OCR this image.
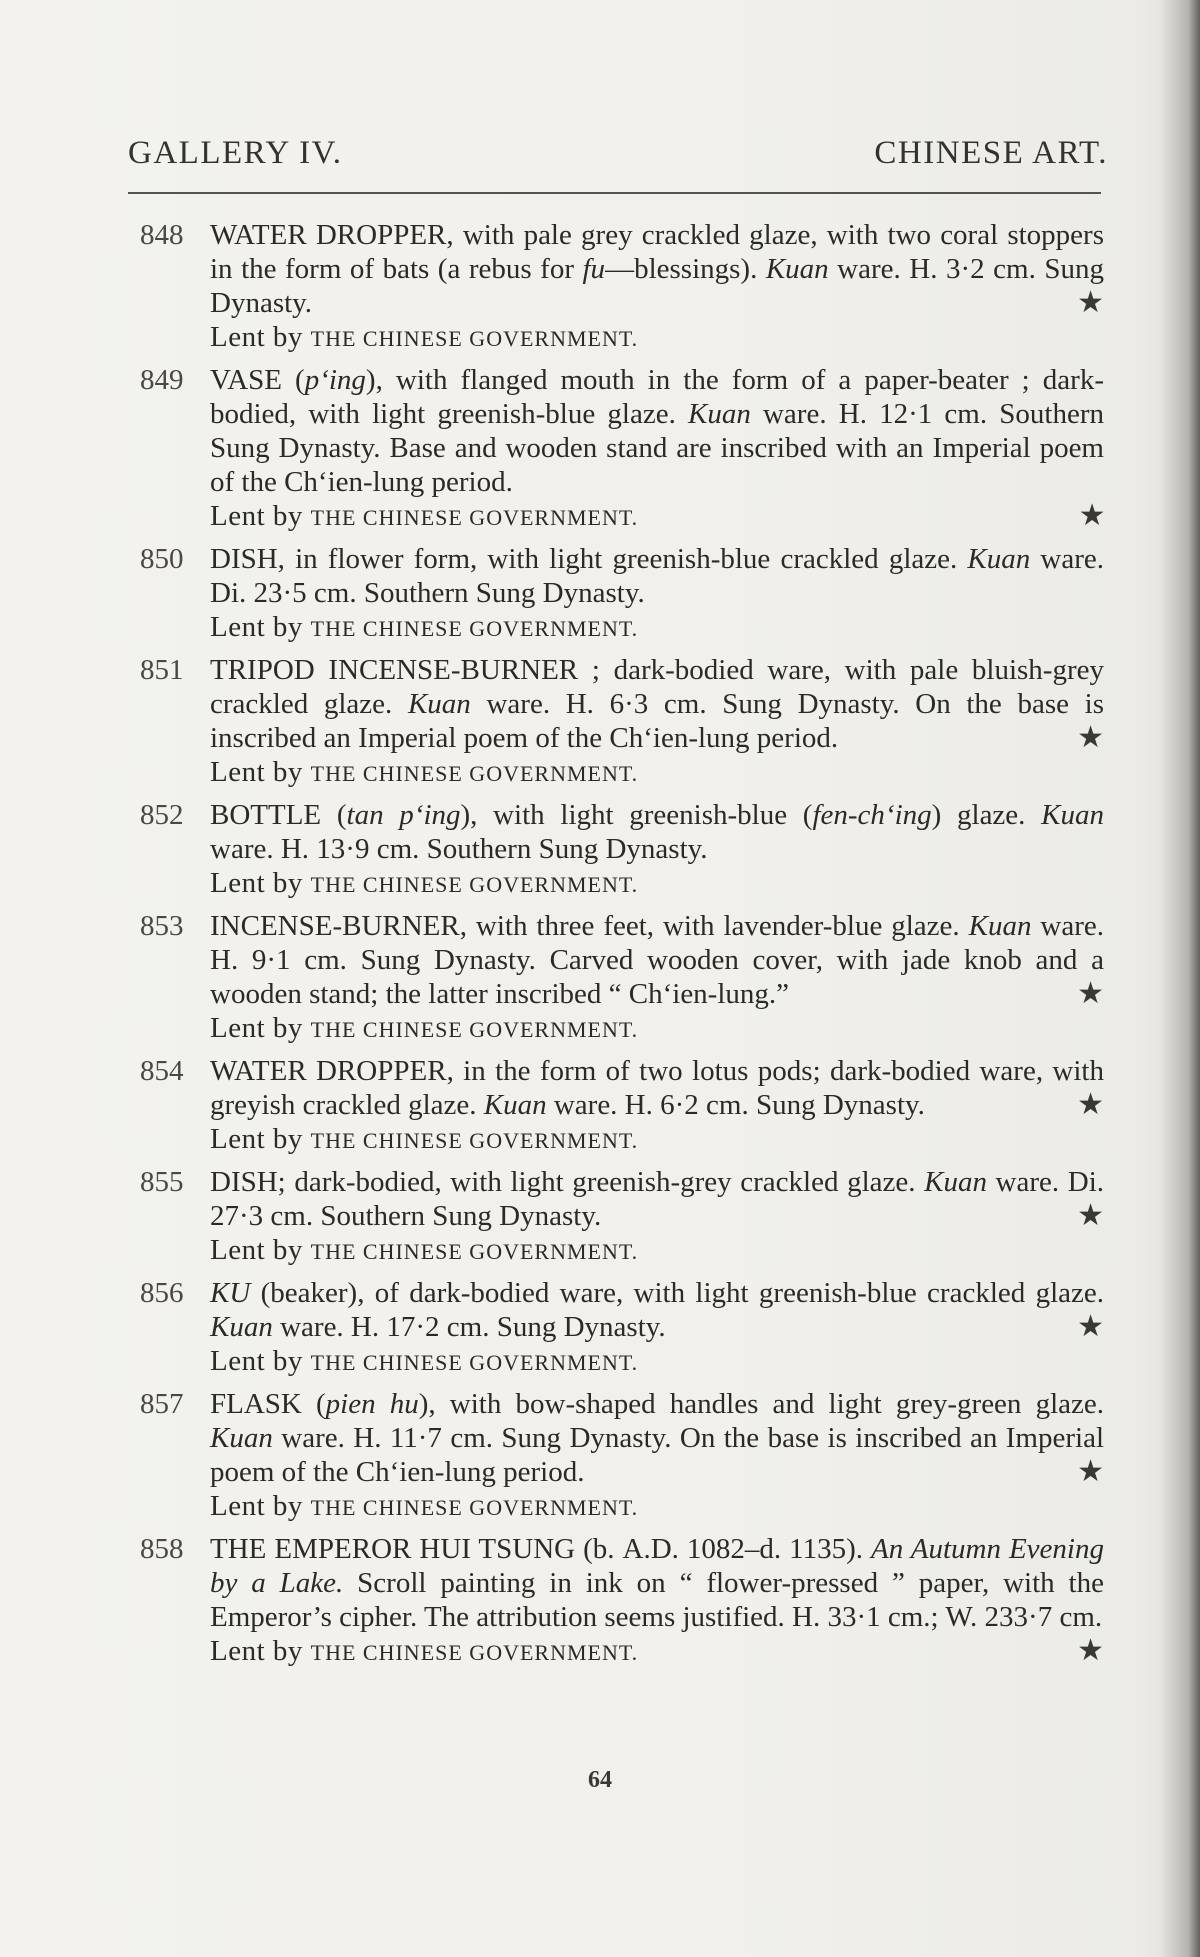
GALLERY IV.	CHINESE ART.
848 WATER DROPPER, with pale grey crackled glaze, with two coral stoppers in the form of bats (a rebus for fu—blessings). Kuan ware. H. 3·2 cm. Sung Dynasty.	★
Lent by THE CHINESE GOVERNMENT.
849 VASE (p‘ing), with flanged mouth in the form of a paper-beater ; dark-bodied, with light greenish-blue glaze. Kuan ware. H. 12·1 cm. Southern Sung Dynasty. Base and wooden stand are inscribed with an Imperial poem of the Ch‘ien-lung period.
Lent by THE CHINESE GOVERNMENT.	★
850 DISH, in flower form, with light greenish-blue crackled glaze. Kuan ware. Di. 23·5 cm. Southern Sung Dynasty.
Lent by THE CHINESE GOVERNMENT.
851 TRIPOD INCENSE-BURNER ; dark-bodied ware, with pale bluish-grey crackled glaze. Kuan ware. H. 6·3 cm. Sung Dynasty. On the base is inscribed an Imperial poem of the Ch‘ien-lung period.	★
Lent by THE CHINESE GOVERNMENT.
852 BOTTLE (tan p‘ing), with light greenish-blue (fen-ch‘ing) glaze. Kuan ware. H. 13·9 cm. Southern Sung Dynasty.
Lent by THE CHINESE GOVERNMENT.
853 INCENSE-BURNER, with three feet, with lavender-blue glaze. Kuan ware. H. 9·1 cm. Sung Dynasty. Carved wooden cover, with jade knob and a wooden stand; the latter inscribed “ Ch‘ien-lung.”	★
Lent by THE CHINESE GOVERNMENT.
854 WATER DROPPER, in the form of two lotus pods; dark-bodied ware, with greyish crackled glaze. Kuan ware. H. 6·2 cm. Sung Dynasty.	★
Lent by THE CHINESE GOVERNMENT.
855 DISH; dark-bodied, with light greenish-grey crackled glaze. Kuan ware. Di. 27·3 cm. Southern Sung Dynasty.	★
Lent by THE CHINESE GOVERNMENT.
856 KU (beaker), of dark-bodied ware, with light greenish-blue crackled glaze. Kuan ware. H. 17·2 cm. Sung Dynasty.	★
Lent by THE CHINESE GOVERNMENT.
857 FLASK (pien hu), with bow-shaped handles and light grey-green glaze. Kuan ware. H. 11·7 cm. Sung Dynasty. On the base is inscribed an Imperial poem of the Ch‘ien-lung period.	★
Lent by THE CHINESE GOVERNMENT.
858 THE EMPEROR HUI TSUNG (b. A.D. 1082–d. 1135). An Autumn Evening by a Lake. Scroll painting in ink on “ flower-pressed ” paper, with the Emperor’s cipher. The attribution seems justified. H. 33·1 cm.; W. 233·7 cm.
★
Lent by THE CHINESE GOVERNMENT.
64
